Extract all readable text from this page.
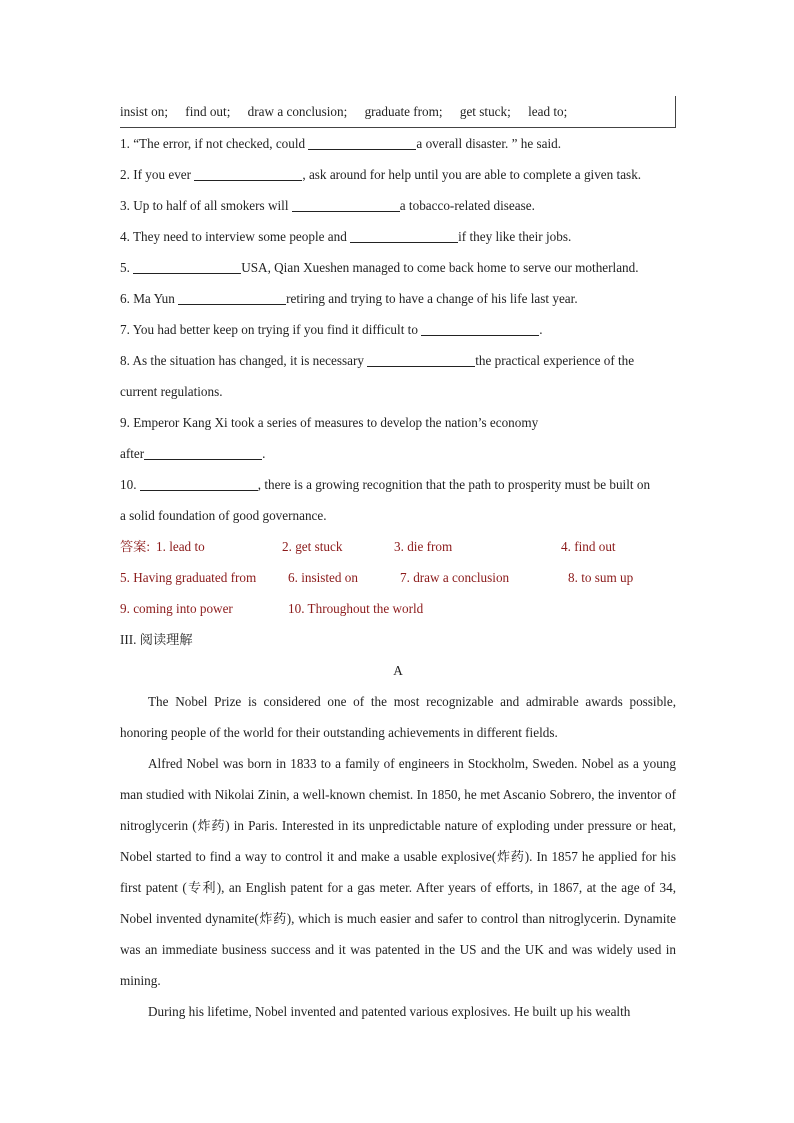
insist on; find out; draw a conclusion; graduate from; get stuck; lead to;
1. “The error, if not checked, could	a overall disaster. ” he said.
2. If you ever	, ask around for help until you are able to complete a given task.
3. Up to half of all smokers will	a tobacco-related disease.
4. They need to interview some people and	if they like their jobs.
5.	USA, Qian Xueshen managed to come back home to serve our motherland.
6. Ma Yun	retiring and trying to have a change of his life last year.
7. You had better keep on trying if you find it difficult to	.
8. As the situation has changed, it is necessary	the practical experience of the
current regulations.
9. Emperor Kang Xi took a series of measures to develop the nation’s economy
after	.
10.	, there is a growing recognition that the path to prosperity must be built on
a solid foundation of good governance.
答案: 1. lead to	2. get stuck	3. die from	4. find out
5. Having graduated from 6. insisted on	7. draw a conclusion	8. to sum up
9. coming into power	10. Throughout the world
III. 阅读理解
A
The Nobel Prize is considered one of the most recognizable and admirable awards possible, honoring people of the world for their outstanding achievements in different fields.
Alfred Nobel was born in 1833 to a family of engineers in Stockholm, Sweden. Nobel as a young man studied with Nikolai Zinin, a well-known chemist. In 1850, he met Ascanio Sobrero, the inventor of nitroglycerin (炸药) in Paris. Interested in its unpredictable nature of exploding under pressure or heat, Nobel started to find a way to control it and make a usable explosive(炸药). In 1857 he applied for his first patent (专利), an English patent for a gas meter. After years of efforts, in 1867, at the age of 34, Nobel invented dynamite(炸药), which is much easier and safer to control than nitroglycerin. Dynamite was an immediate business success and it was patented in the US and the UK and was widely used in mining.
During his lifetime, Nobel invented and patented various explosives. He built up his wealth
